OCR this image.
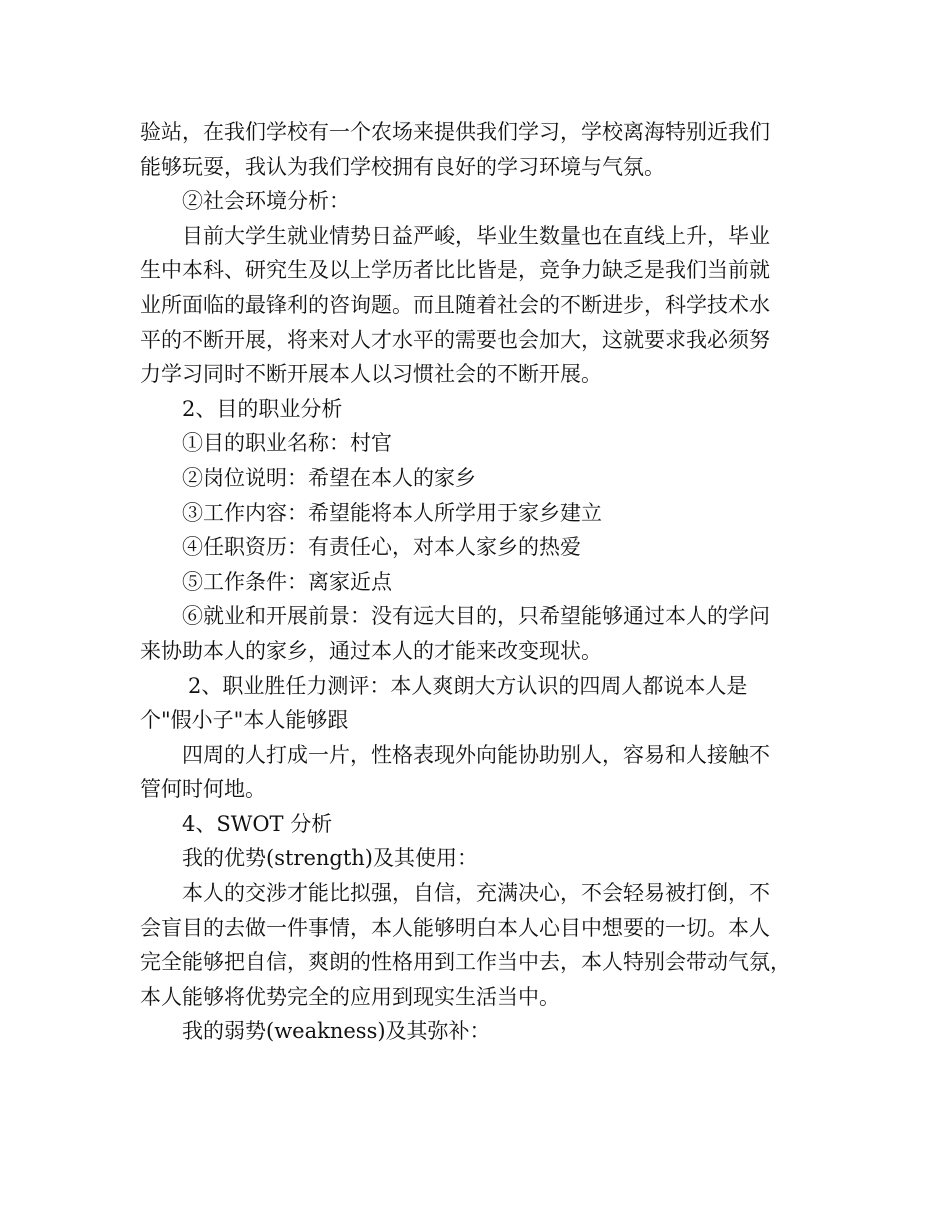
验站，在我们学校有一个农场来提供我们学习，学校离海特别近我们

能够玩耍，我认为我们学校拥有良好的学习环境与气氛。

②社会环境分析：

目前大学生就业情势日益严峻，毕业生数量也在直线上升，毕业

生中本科、研究生及以上学历者比比皆是，竞争力缺乏是我们当前就

业所面临的最锋利的咨询题。而且随着社会的不断进步，科学技术水

平的不断开展，将来对人才水平的需要也会加大，这就要求我必须努

力学习同时不断开展本人以习惯社会的不断开展。

2、目的职业分析

①目的职业名称：村官

②岗位说明：希望在本人的家乡

③工作内容：希望能将本人所学用于家乡建立

④任职资历：有责任心，对本人家乡的热爱

⑤工作条件：离家近点

⑥就业和开展前景：没有远大目的，只希望能够通过本人的学问

来协助本人的家乡，通过本人的才能来改变现状。

2、职业胜任力测评：本人爽朗大方认识的四周人都说本人是

个"假小子"本人能够跟

四周的人打成一片，性格表现外向能协助别人，容易和人接触不

管何时何地。

4、SWOT 分析

我的优势(strength)及其使用：

本人的交涉才能比拟强，自信，充满决心，不会轻易被打倒，不

会盲目的去做一件事情，本人能够明白本人心目中想要的一切。本人

完全能够把自信，爽朗的性格用到工作当中去，本人特别会带动气氛，

本人能够将优势完全的应用到现实生活当中。

我的弱势(weakness)及其弥补：
